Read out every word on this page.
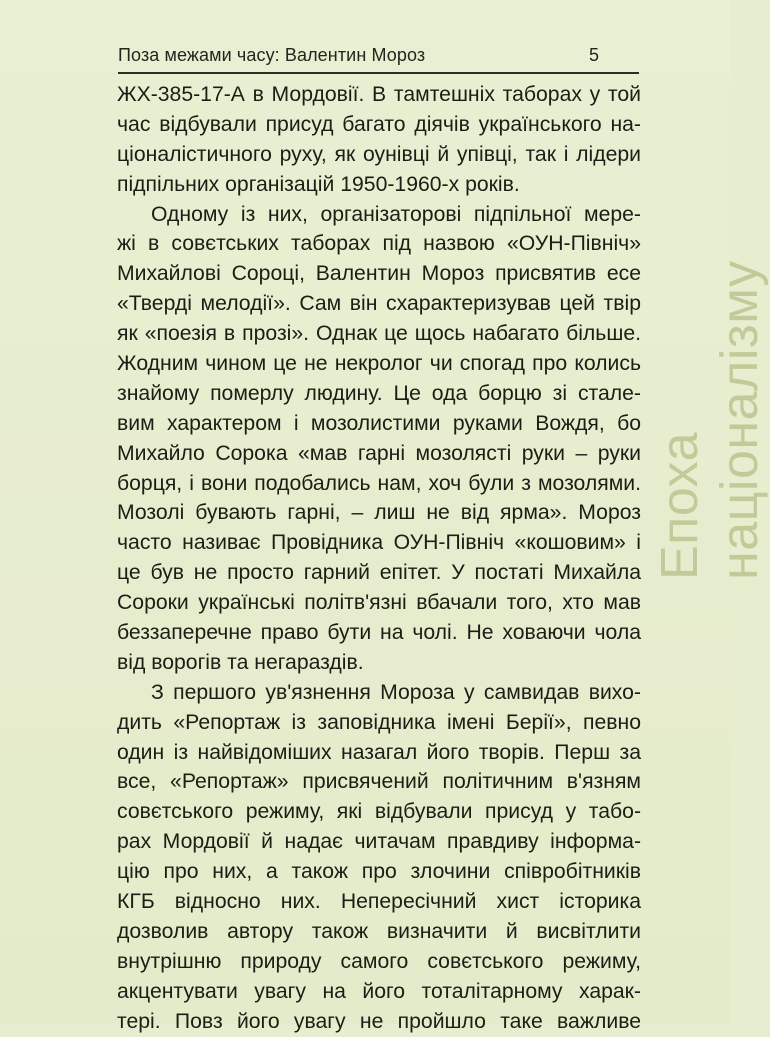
Поза межами часу: Валентин Мороз	5
ЖХ-385-17-А в Мордовії. В тамтешніх таборах у той
час відбували присуд багато діячів українського на-
ціоналістичного руху, як оунівці й упівці, так і лідери
підпільних організацій 1950-1960-х років.
Одному із них, організаторові підпільної мере-
жі в совєтських таборах під назвою «ОУН-Північ»
Михайлові Сороці, Валентин Мороз присвятив есе
«Тверді мелодії». Сам він схарактеризував цей твір
як «поезія в прозі». Однак це щось набагато більше.
Жодним чином це не некролог чи спогад про колись
знайому померлу людину. Це ода борцю зі стале-
вим характером і мозолистими руками Вождя, бо
Михайло Сорока «мав гарні мозолясті руки – руки
борця, і вони подобались нам, хоч були з мозолями.
Мозолі бувають гарні, – лиш не від ярма». Мороз
часто називає Провідника ОУН-Північ «кошовим» і
це був не просто гарний епітет. У постаті Михайла
Сороки українські політв'язні вбачали того, хто мав
беззаперечне право бути на чолі. Не ховаючи чола
від ворогів та негараздів.
З першого ув'язнення Мороза у самвидав вихо-
дить «Репортаж із заповідника імені Берії», певно
один із найвідоміших назагал його творів. Перш за
все, «Репортаж» присвячений політичним в'язням
совєтського режиму, які відбували присуд у табо-
рах Мордовії й надає читачам правдиву інформа-
цію про них, а також про злочини співробітників
КГБ відносно них. Непересічний хист історика
дозволив автору також визначити й висвітлити
внутрішню природу самого совєтського режиму,
акцентувати увагу на його тоталітарному харак-
тері. Повз його увагу не пройшло таке важливе
Епоха націоналізму
